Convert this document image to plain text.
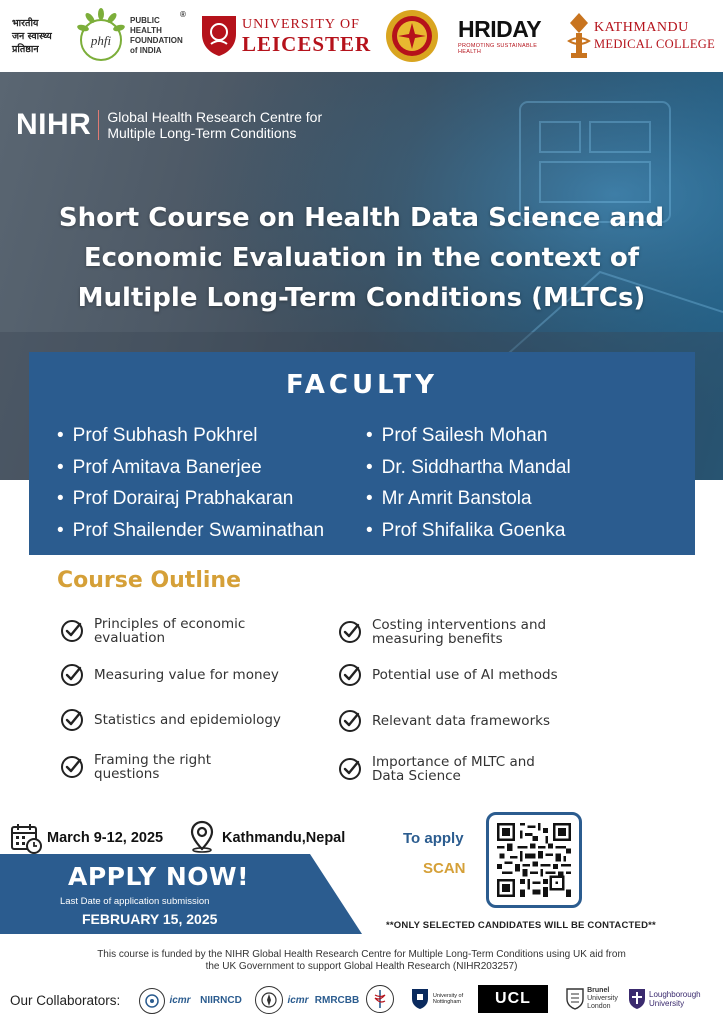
भारतीय
जन स्वास्थ्य
प्रतिष्ठान
phfi
PUBLIC
HEALTH
FOUNDATION
of INDIA
®
UNIVERSITY OF
LEICESTER
HRIDAY
PROMOTING SUSTAINABLE HEALTH
KATHMANDU
MEDICAL COLLEGE
NIHR Global Health Research Centre for
Multiple Long-Term Conditions
Short Course on Health Data Science and
Economic Evaluation in the context of
Multiple Long-Term Conditions (MLTCs)
FACULTY
• Prof Subhash Pokhrel
• Prof Amitava Banerjee
• Prof Dorairaj Prabhakaran
• Prof Shailender Swaminathan
• Prof Sailesh Mohan
• Dr. Siddhartha Mandal
• Mr Amrit Banstola
• Prof Shifalika Goenka
Course Outline
Principles of economic
evaluation
Measuring value for money
Statistics and epidemiology
Framing the right
questions
Costing interventions and
measuring benefits
Potential use of AI methods
Relevant data frameworks
Importance of MLTC and
Data Science
March 9-12, 2025	Kathmandu,Nepal
APPLY NOW!
Last Date of application submission
FEBRUARY 15, 2025
To apply
SCAN
**ONLY SELECTED CANDIDATES WILL BE CONTACTED**
This course is funded by the NIHR Global Health Research Centre for Multiple Long-Term Conditions using UK aid from
the UK Government to support Global Health Research (NIHR203257)
Our Collaborators:	icmr NIIRNCD	icmr RMRCBB	University of
Nottingham UCL	Brunel
University
London
Loughborough
University
